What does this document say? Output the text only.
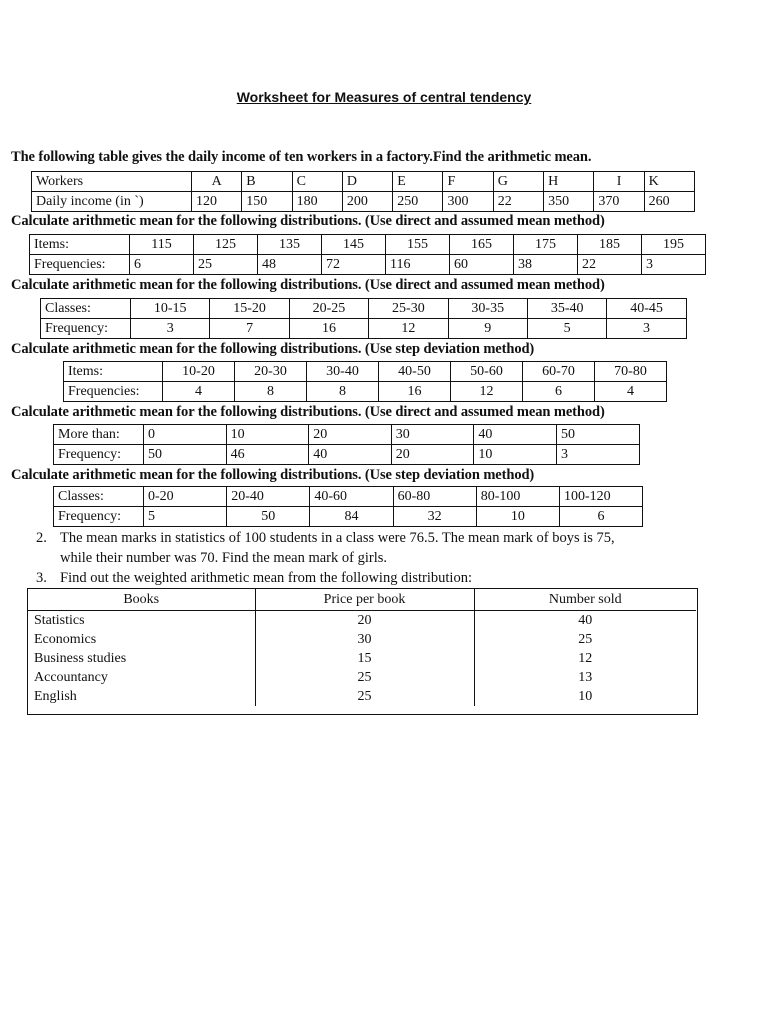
Worksheet for Measures of central tendency
The following table gives the daily income of ten workers in a factory.Find the arithmetic mean.
Workers	A	B	C	D	E	F	G	H	I	K
Daily income (in `)	120	150	180	200	250	300	22	350	370	260
Calculate arithmetic mean for the following distributions. (Use direct and assumed mean method)
Items:	115	125	135	145	155	165	175	185	195
Frequencies:	6	25	48	72	116	60	38	22	3
Calculate arithmetic mean for the following distributions. (Use direct and assumed mean method)
Classes:	10-15	15-20	20-25	25-30	30-35	35-40	40-45
Frequency:	3	7	16	12	9	5	3
Calculate arithmetic mean for the following distributions. (Use step deviation method)
Items:	10-20	20-30	30-40	40-50	50-60	60-70	70-80
Frequencies:	4	8	8	16	12	6	4
Calculate arithmetic mean for the following distributions. (Use direct and assumed mean method)
More than:	0	10	20	30	40	50
Frequency:	50	46	40	20	10	3
Calculate arithmetic mean for the following distributions. (Use step deviation method)
Classes:	0-20	20-40	40-60	60-80	80-100	100-120
Frequency:	5	50	84	32	10	6
2. The mean marks in statistics of 100 students in a class were 76.5. The mean mark of boys is 75,
while their number was 70. Find the mean mark of girls.
3. Find out the weighted arithmetic mean from the following distribution:
Books	Price per book	Number sold
Statistics	20	40
Economics	30	25
Business studies	15	12
Accountancy	25	13
English	25	10
